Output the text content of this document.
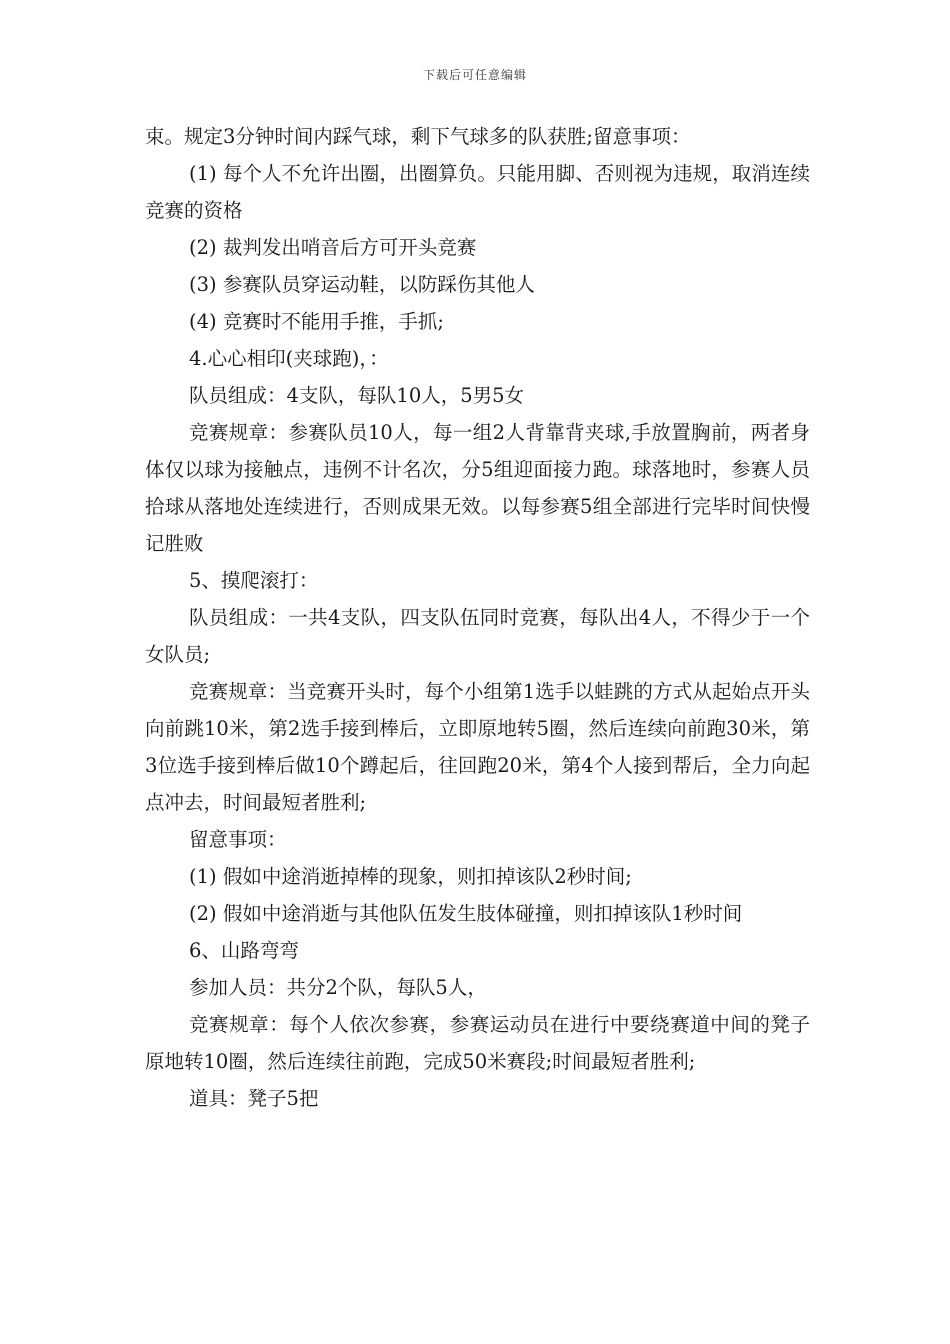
下载后可任意编辑

束。规定3分钟时间内踩气球，剩下气球多的队获胜;留意事项：

(1) 每个人不允许出圈，出圈算负。只能用脚、否则视为违规，取消连续竞赛的资格

(2) 裁判发出哨音后方可开头竞赛

(3) 参赛队员穿运动鞋，以防踩伤其他人

(4) 竞赛时不能用手推，手抓;

4.心心相印(夹球跑)，：

队员组成：4支队，每队10人，5男5女

竞赛规章：参赛队员10人，每一组2人背靠背夹球,手放置胸前，两者身体仅以球为接触点，违例不计名次，分5组迎面接力跑。球落地时，参赛人员拾球从落地处连续进行，否则成果无效。以每参赛5组全部进行完毕时间快慢记胜败

5、摸爬滚打：

队员组成：一共4支队，四支队伍同时竞赛，每队出4人，不得少于一个女队员;

竞赛规章：当竞赛开头时，每个小组第1选手以蛙跳的方式从起始点开头向前跳10米，第2选手接到棒后，立即原地转5圈，然后连续向前跑30米，第3位选手接到棒后做10个蹲起后，往回跑20米，第4个人接到帮后，全力向起点冲去，时间最短者胜利;

留意事项：

(1) 假如中途消逝掉棒的现象，则扣掉该队2秒时间;

(2) 假如中途消逝与其他队伍发生肢体碰撞，则扣掉该队1秒时间

6、山路弯弯

参加人员：共分2个队，每队5人，

竞赛规章：每个人依次参赛，参赛运动员在进行中要绕赛道中间的凳子原地转10圈，然后连续往前跑，完成50米赛段;时间最短者胜利;

道具：凳子5把
